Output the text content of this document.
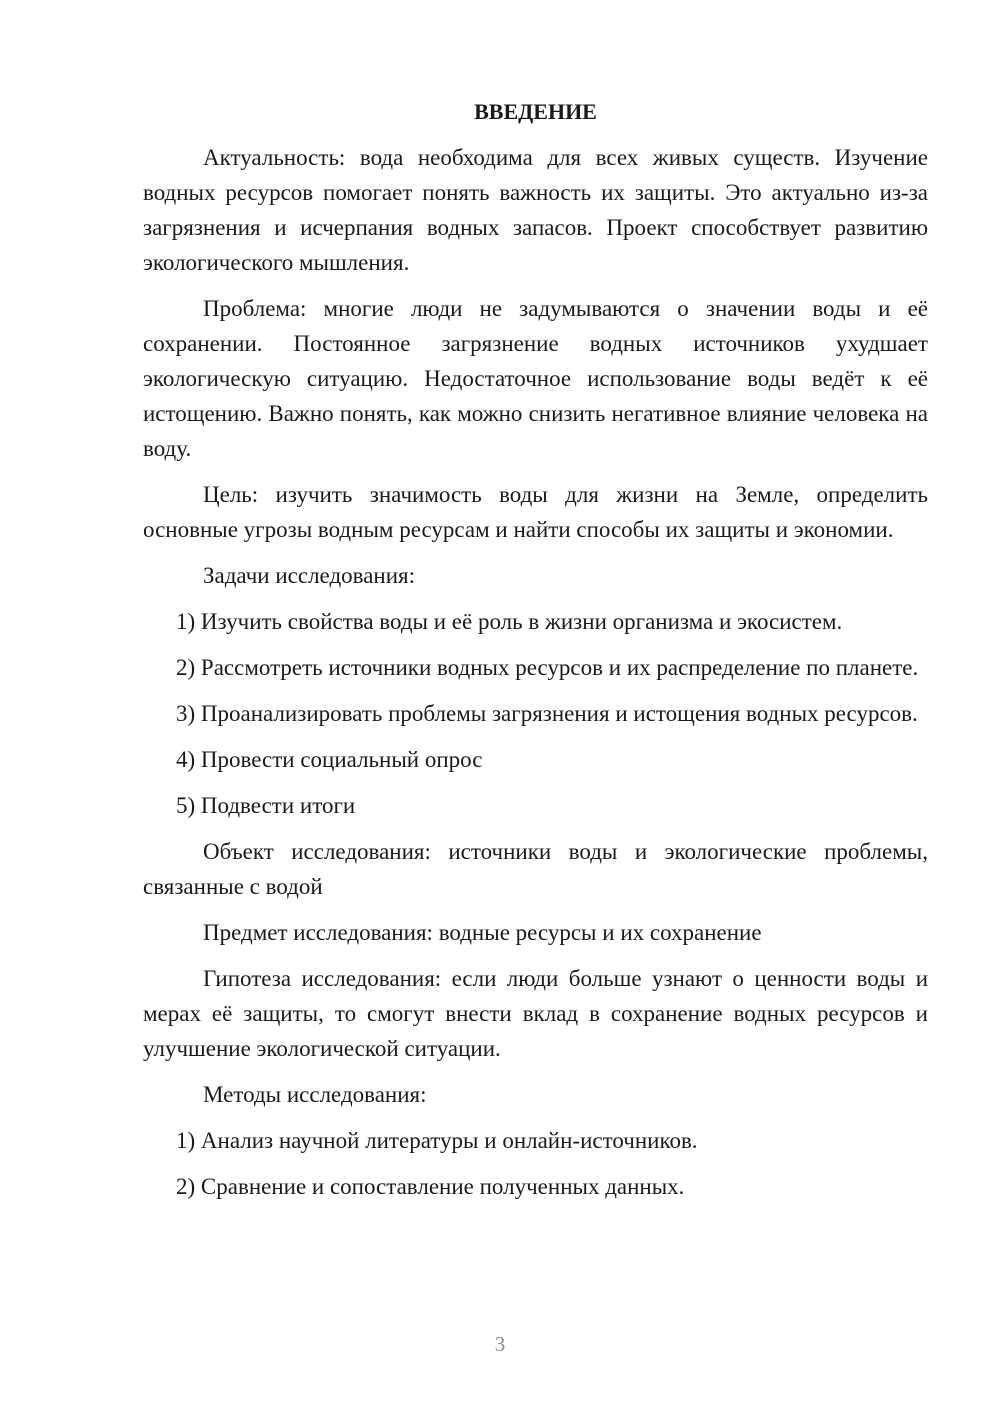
ВВЕДЕНИЕ

Актуальность: вода необходима для всех живых существ. Изучение водных ресурсов помогает понять важность их защиты. Это актуально из-за загрязнения и исчерпания водных запасов. Проект способствует развитию экологического мышления.

Проблема: многие люди не задумываются о значении воды и её сохранении. Постоянное загрязнение водных источников ухудшает экологическую ситуацию. Недостаточное использование воды ведёт к её истощению. Важно понять, как можно снизить негативное влияние человека на воду.

Цель: изучить значимость воды для жизни на Земле, определить основные угрозы водным ресурсам и найти способы их защиты и экономии.

Задачи исследования:

1) Изучить свойства воды и её роль в жизни организма и экосистем.

2) Рассмотреть источники водных ресурсов и их распределение по планете.

3) Проанализировать проблемы загрязнения и истощения водных ресурсов.

4) Провести социальный опрос

5) Подвести итоги

Объект исследования: источники воды и экологические проблемы, связанные с водой

Предмет исследования: водные ресурсы и их сохранение

Гипотеза исследования: если люди больше узнают о ценности воды и мерах её защиты, то смогут внести вклад в сохранение водных ресурсов и улучшение экологической ситуации.

Методы исследования:

1) Анализ научной литературы и онлайн-источников.

2) Сравнение и сопоставление полученных данных.

3
